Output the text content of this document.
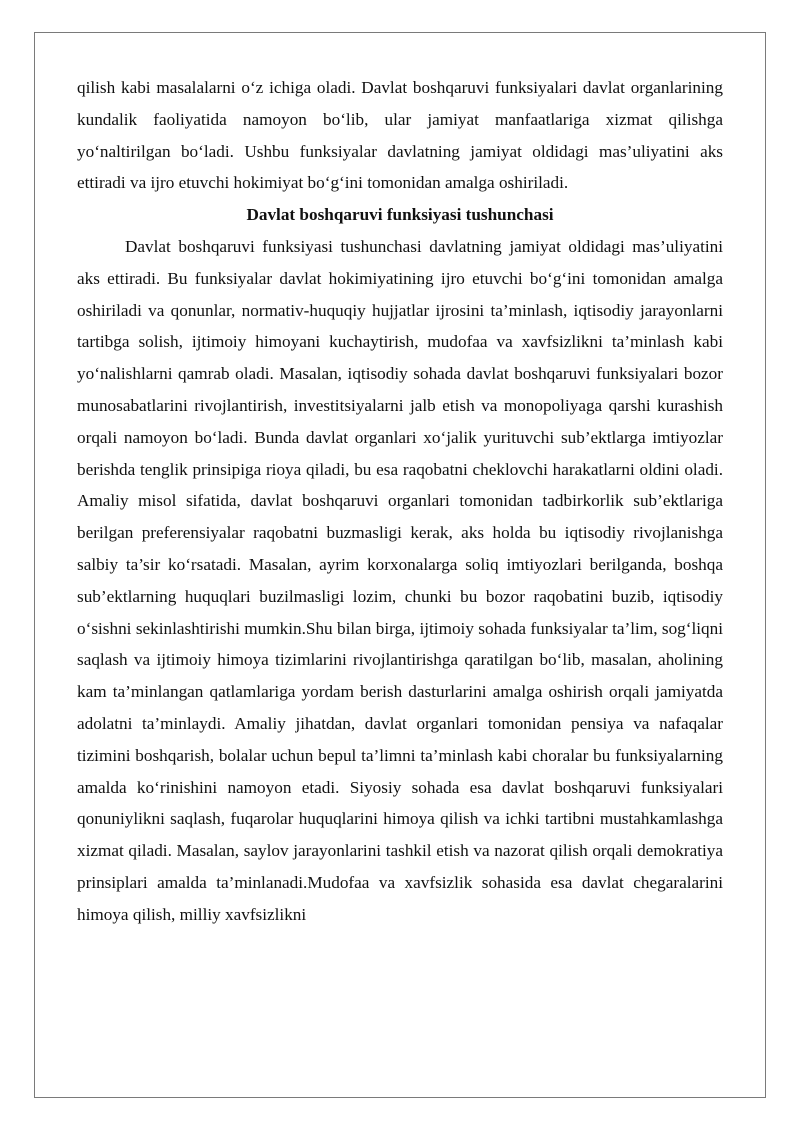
qilish kabi masalalarni o‘z ichiga oladi. Davlat boshqaruvi funksiyalari davlat organlarining kundalik faoliyatida namoyon bo‘lib, ular jamiyat manfaatlariga xizmat qilishga yo‘naltirilgan bo‘ladi. Ushbu funksiyalar davlatning jamiyat oldidagi mas’uliyatini aks ettiradi va ijro etuvchi hokimiyat bo‘g‘ini tomonidan amalga oshiriladi.

Davlat boshqaruvi funksiyasi tushunchasi

Davlat boshqaruvi funksiyasi tushunchasi davlatning jamiyat oldidagi mas’uliyatini aks ettiradi. Bu funksiyalar davlat hokimiyatining ijro etuvchi bo‘g‘ini tomonidan amalga oshiriladi va qonunlar, normativ-huquqiy hujjatlar ijrosini ta’minlash, iqtisodiy jarayonlarni tartibga solish, ijtimoiy himoyani kuchaytirish, mudofaa va xavfsizlikni ta’minlash kabi yo‘nalishlarni qamrab oladi. Masalan, iqtisodiy sohada davlat boshqaruvi funksiyalari bozor munosabatlarini rivojlantirish, investitsiyalarni jalb etish va monopoliyaga qarshi kurashish orqali namoyon bo‘ladi. Bunda davlat organlari xo‘jalik yurituvchi sub’ektlarga imtiyozlar berishda tenglik prinsipiga rioya qiladi, bu esa raqobatni cheklovchi harakatlarni oldini oladi. Amaliy misol sifatida, davlat boshqaruvi organlari tomonidan tadbirkorlik sub’ektlariga berilgan preferensiyalar raqobatni buzmasligi kerak, aks holda bu iqtisodiy rivojlanishga salbiy ta’sir ko‘rsatadi. Masalan, ayrim korxonalarga soliq imtiyozlari berilganda, boshqa sub’ektlarning huquqlari buzilmasligi lozim, chunki bu bozor raqobatini buzib, iqtisodiy o‘sishni sekinlashtirishi mumkin.Shu bilan birga, ijtimoiy sohada funksiyalar ta’lim, sog‘liqni saqlash va ijtimoiy himoya tizimlarini rivojlantirishga qaratilgan bo‘lib, masalan, aholining kam ta’minlangan qatlamlariga yordam berish dasturlarini amalga oshirish orqali jamiyatda adolatni ta’minlaydi. Amaliy jihatdan, davlat organlari tomonidan pensiya va nafaqalar tizimini boshqarish, bolalar uchun bepul ta’limni ta’minlash kabi choralar bu funksiyalarning amalda ko‘rinishini namoyon etadi. Siyosiy sohada esa davlat boshqaruvi funksiyalari qonuniylikni saqlash, fuqarolar huquqlarini himoya qilish va ichki tartibni mustahkamlashga xizmat qiladi. Masalan, saylov jarayonlarini tashkil etish va nazorat qilish orqali demokratiya prinsiplari amalda ta’minlanadi.Mudofaa va xavfsizlik sohasida esa davlat chegaralarini himoya qilish, milliy xavfsizlikni
